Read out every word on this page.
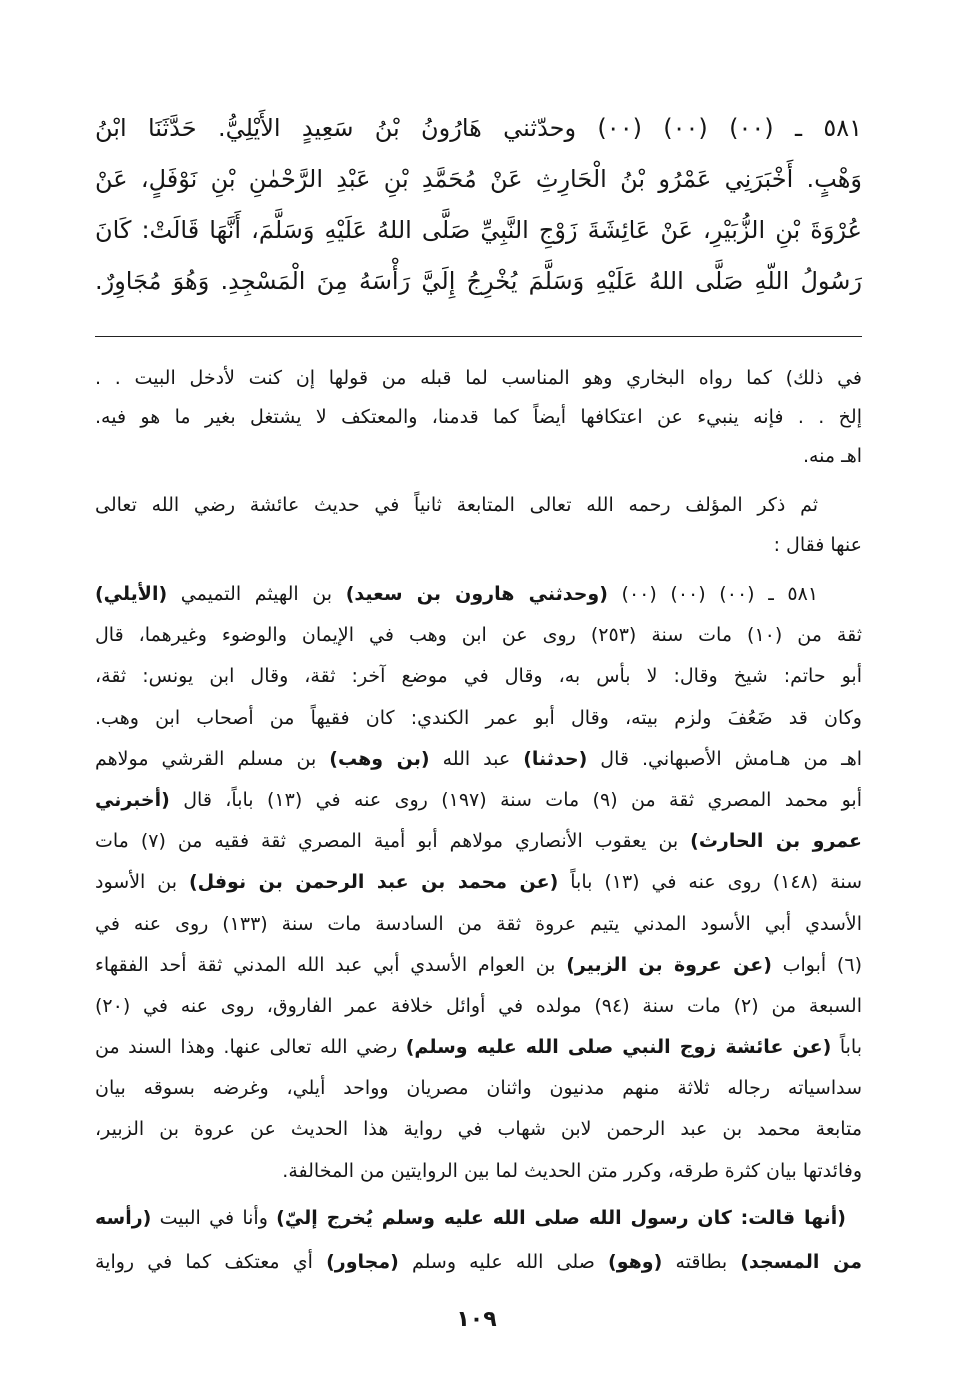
٥٨١ ـ (٠٠) (٠٠) (٠٠) وحدّثني هَارُونُ بْنُ سَعِيدٍ الأَيْلِيُّ. حَدَّثَنَا ابْنُ
وَهْبٍ. أَخْبَرَنِي عَمْرُو بْنُ الْحَارِثِ عَنْ مُحَمَّدِ بْنِ عَبْدِ الرَّحْمٰنِ بْنِ نَوْفَلٍ، عَنْ
عُرْوَةَ بْنِ الزُّبَيْرِ، عَنْ عَائِشَةَ زَوْجِ النَّبِيِّ صَلَّى اللهُ عَلَيْهِ وَسَلَّمَ، أَنَّهَا قَالَتْ: كَانَ
رَسُولُ اللّهِ صَلَّى اللهُ عَلَيْهِ وَسَلَّمَ يُخْرِجُ إِلَيَّ رَأْسَهُ مِنَ الْمَسْجِدِ. وَهُوَ مُجَاوِرٌ.
في ذلك) كما رواه البخاري وهو المناسب لما قبله من قولها إن كنت لأدخل البيت . .
إلخ . . فإنه ينبيء عن اعتكافها أيضاً كما قدمنا، والمعتكف لا يشتغل بغير ما هو فيه.
اهـ منه.
ثم ذكر المؤلف رحمه الله تعالى المتابعة ثانياً في حديث عائشة رضي الله تعالى
عنها فقال :
٥٨١ ـ (٠٠) (٠٠) (٠٠) (وحدثني هارون بن سعيد) بن الهيثم التميمي (الأيلي)
ثقة من (١٠) مات سنة (٢٥٣) روى عن ابن وهب في الإيمان والوضوء وغيرهما، قال
أبو حاتم: شيخ وقال: لا بأس به، وقال في موضع آخر: ثقة، وقال ابن يونس: ثقة،
وكان قد ضَعُفَ ولزم بيته، وقال أبو عمر الكندي: كان فقيهاً من أصحاب ابن وهب.
اهـ من هـامش الأصبهاني. قال (حدثنا) عبد الله (بن وهب) بن مسلم القرشي مولاهم
أبو محمد المصري ثقة من (٩) مات سنة (١٩٧) روى عنه في (١٣) باباً، قال (أخبرني
عمرو بن الحارث) بن يعقوب الأنصاري مولاهم أبو أمية المصري ثقة فقيه من (٧) مات
سنة (١٤٨) روى عنه في (١٣) باباً (عن محمد بن عبد الرحمن بن نوفل) بن الأسود
الأسدي أبي الأسود المدني يتيم عروة ثقة من السادسة مات سنة (١٣٣) روى عنه في
(٦) أبواب (عن عروة بن الزبير) بن العوام الأسدي أبي عبد الله المدني ثقة أحد الفقهاء
السبعة من (٢) مات سنة (٩٤) مولده في أوائل خلافة عمر الفاروق، روى عنه في (٢٠)
باباً (عن عائشة زوج النبي صلى الله عليه وسلم) رضي الله تعالى عنها. وهذا السند من
سداسياته رجاله ثلاثة منهم مدنيون واثنان مصريان وواحد أيلي، وغرضه بسوقه بيان
متابعة محمد بن عبد الرحمن لابن شهاب في رواية هذا الحديث عن عروة بن الزبير،
وفائدتها بيان كثرة طرقه، وكرر متن الحديث لما بين الروايتين من المخالفة.
(أنها قالت: كان رسول الله صلى الله عليه وسلم يُخرج إليّ) وأنا في البيت (رأسه
من المسجد) بطاقته (وهو) صلى الله عليه وسلم (مجاور) أي معتكف كما في رواية
١٠٩
